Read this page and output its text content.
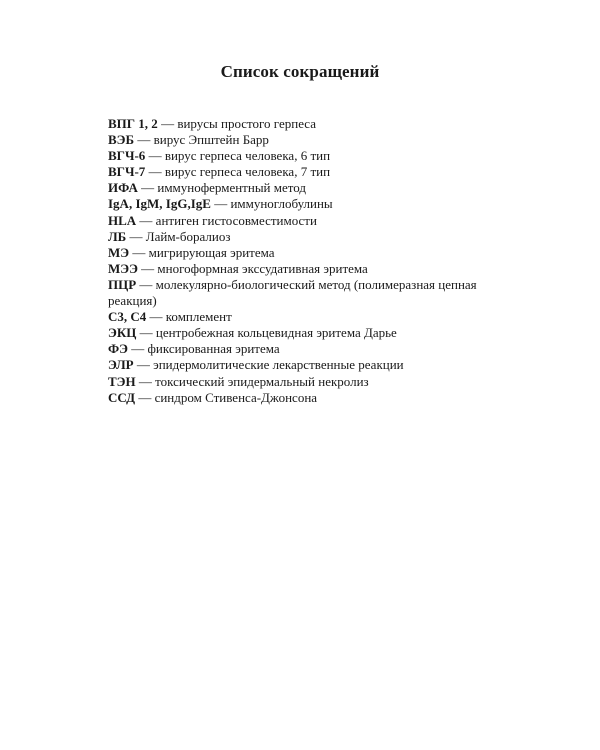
Список сокращений
ВПГ 1, 2 — вирусы простого герпеса
ВЭБ — вирус Эпштейн Барр
ВГЧ-6 — вирус герпеса человека, 6 тип
ВГЧ-7 — вирус герпеса человека, 7 тип
ИФА — иммуноферментный метод
IgA, IgM, IgG,IgE — иммуноглобулины
HLA — антиген гистосовместимости
ЛБ — Лайм-боралиоз
МЭ — мигрирующая эритема
МЭЭ — многоформная экссудативная эритема
ПЦР — молекулярно-биологический метод (полимеразная цепная реакция)
С3, С4 — комплемент
ЭКЦ — центробежная кольцевидная эритема Дарье
ФЭ — фиксированная эритема
ЭЛР — эпидермолитические лекарственные реакции
ТЭН — токсический эпидермальный некролиз
ССД — синдром Стивенса-Джонсона
